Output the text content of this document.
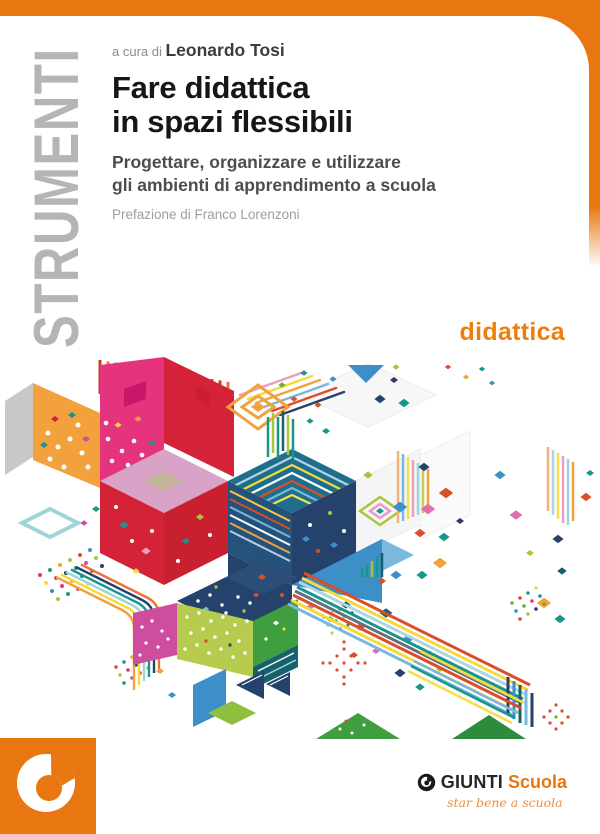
STRUMENTI a cura di Leonardo Tosi
Fare didattica
in spazi flessibili
Progettare, organizzare e utilizzare
gli ambienti di apprendimento a scuola
Prefazione di Franco Lorenzoni
didattica
GIUNTI Scuola
star bene a scuola
